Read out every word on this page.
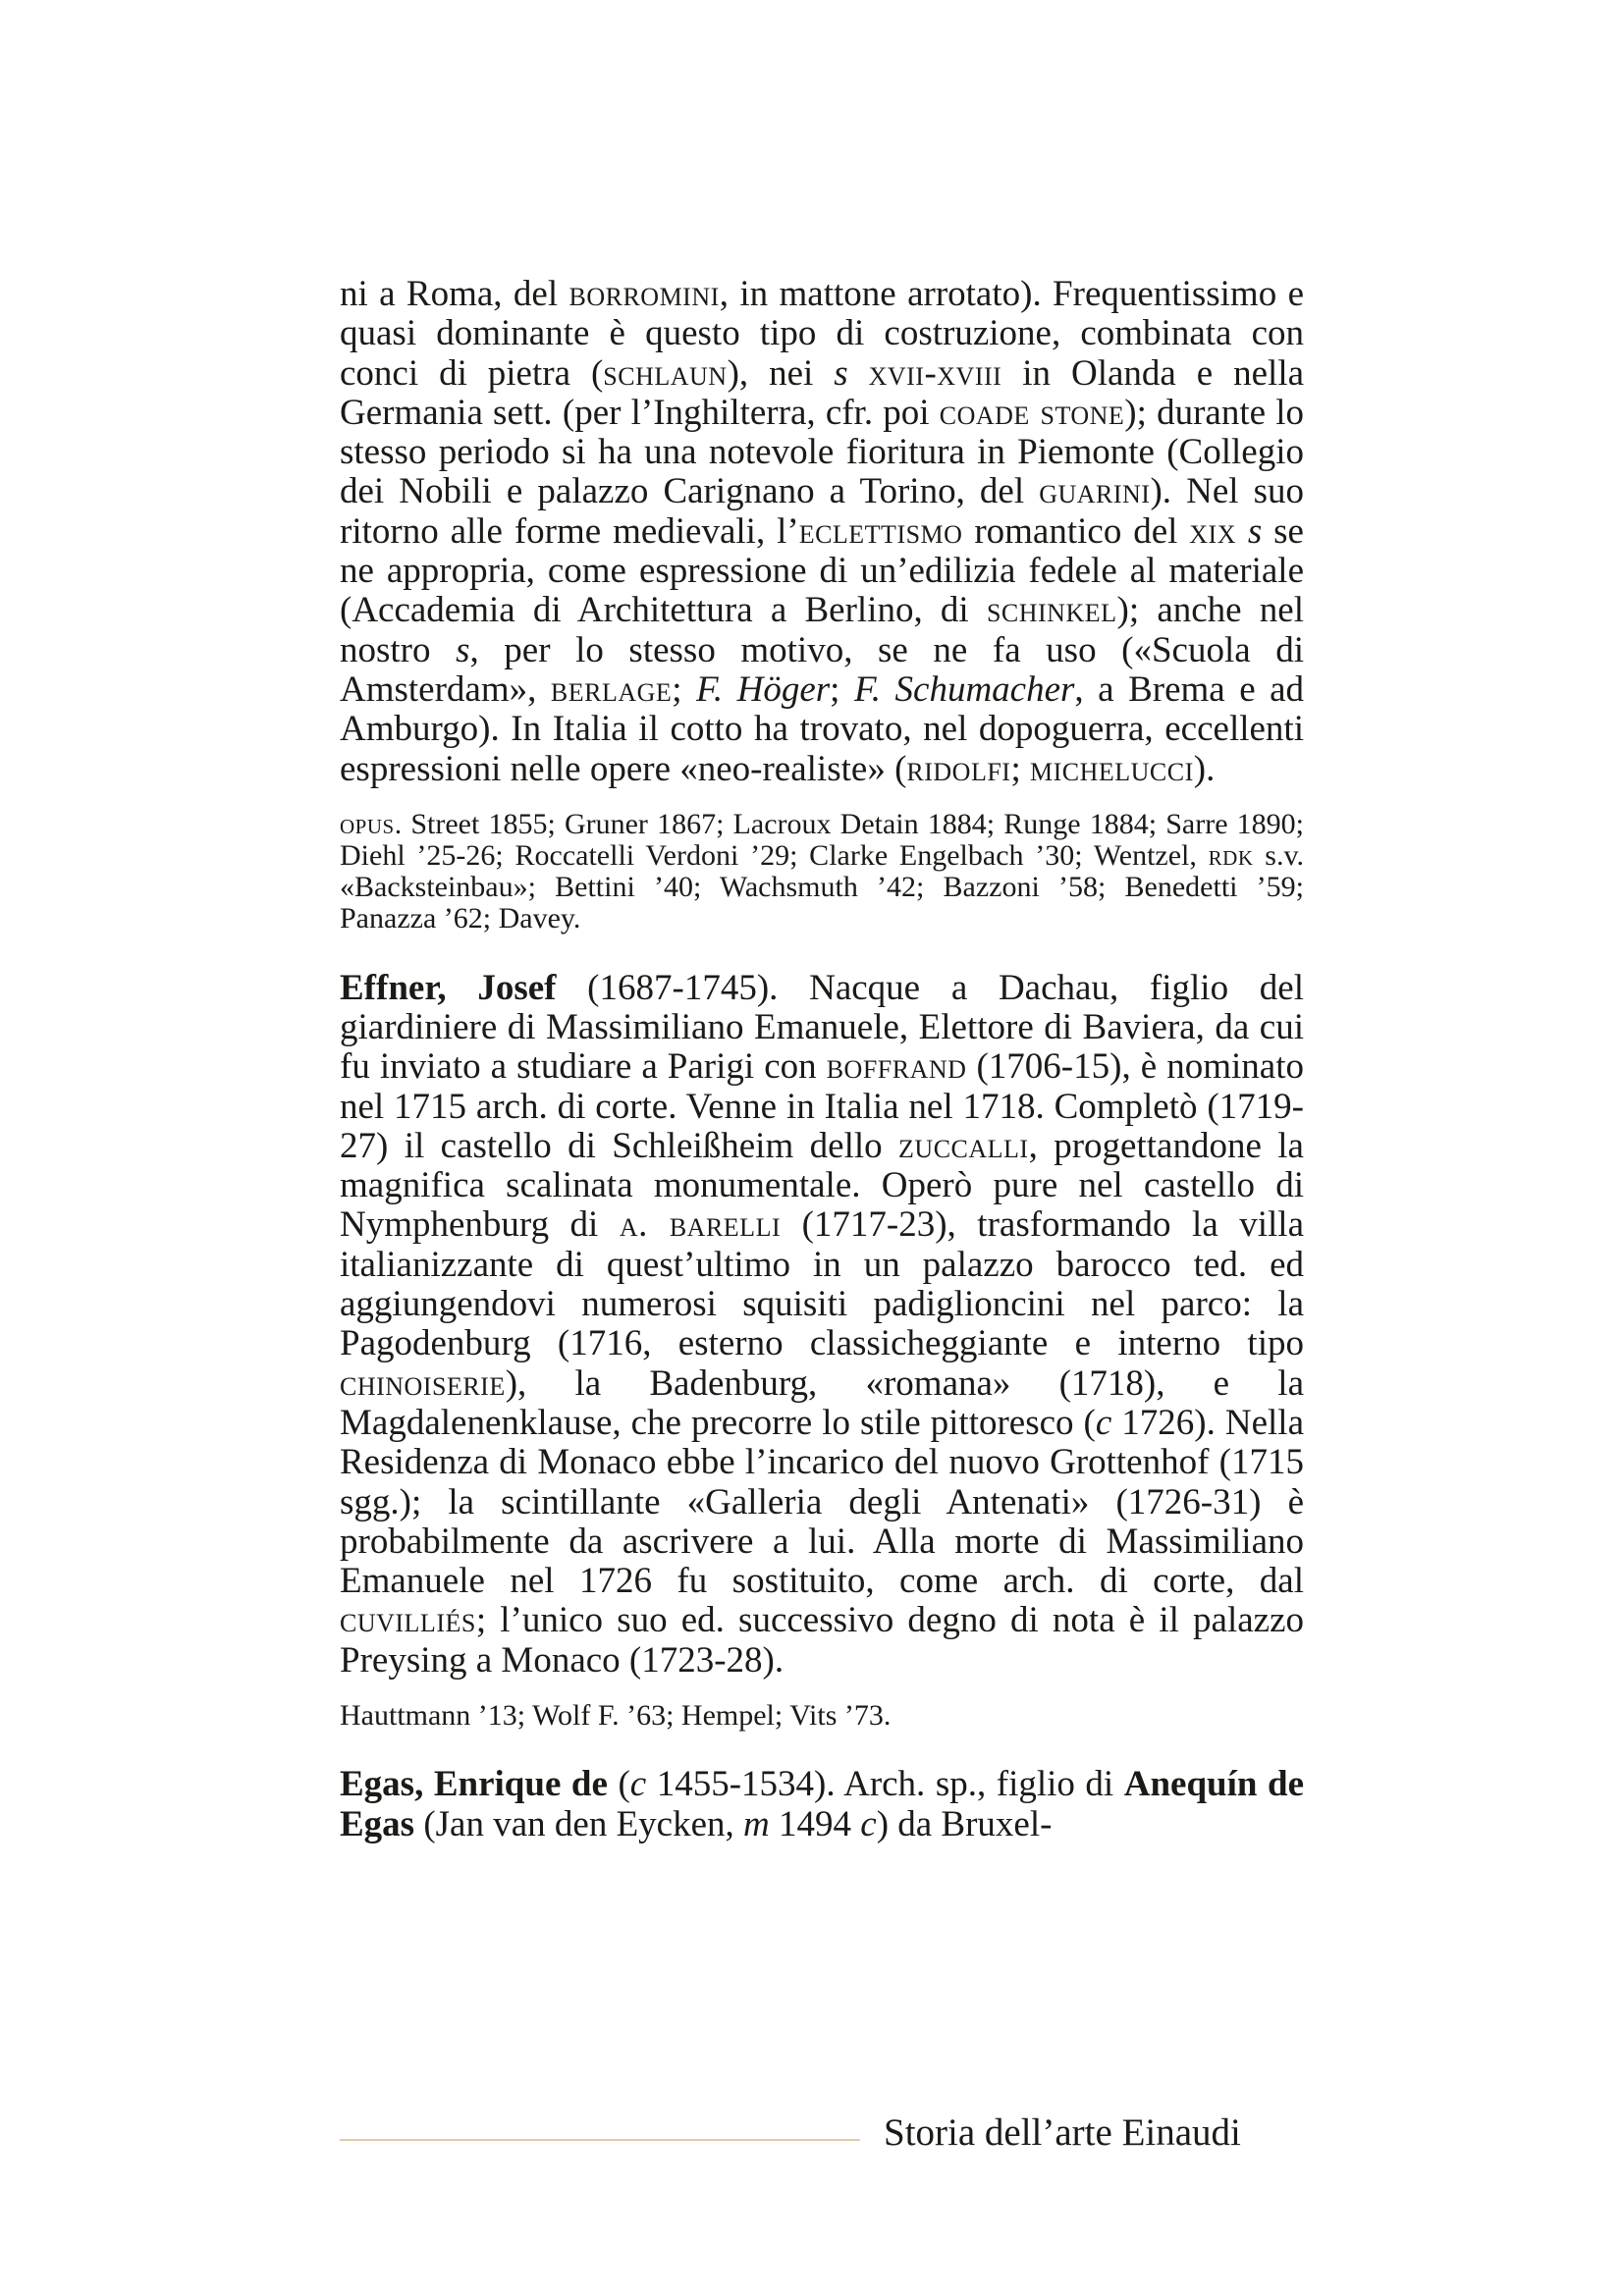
ni a Roma, del borromini, in mattone arrotato). Frequentissimo e quasi dominante è questo tipo di costruzione, combinata con conci di pietra (schlaun), nei s xvii-xviii in Olanda e nella Germania sett. (per l’Inghilterra, cfr. poi coade stone); durante lo stesso periodo si ha una notevole fioritura in Piemonte (Collegio dei Nobili e palazzo Carignano a Torino, del guarini). Nel suo ritorno alle forme medievali, l’eclettismo romantico del xix s se ne appropria, come espressione di un’edilizia fedele al materiale (Accademia di Architettura a Berlino, di schinkel); anche nel nostro s, per lo stesso motivo, se ne fa uso («Scuola di Amsterdam», berlage; F. Höger; F. Schumacher, a Brema e ad Amburgo). In Italia il cotto ha trovato, nel dopoguerra, eccellenti espressioni nelle opere «neo-realiste» (ridolfi; michelucci).

opus. Street 1855; Gruner 1867; Lacroux Detain 1884; Runge 1884; Sarre 1890; Diehl ’25-26; Roccatelli Verdoni ’29; Clarke Engelbach ’30; Wentzel, rdk s.v. «Backsteinbau»; Bettini ’40; Wachsmuth ’42; Bazzoni ’58; Benedetti ’59; Panazza ’62; Davey.

Effner, Josef (1687-1745). Nacque a Dachau, figlio del giardiniere di Massimiliano Emanuele, Elettore di Baviera, da cui fu inviato a studiare a Parigi con boffrand (1706-15), è nominato nel 1715 arch. di corte. Venne in Italia nel 1718. Completò (1719-27) il castello di Schleißheim dello zuccalli, progettandone la magnifica scalinata monumentale. Operò pure nel castello di Nymphenburg di a. barelli (1717-23), trasformando la villa italianizzante di quest’ultimo in un palazzo barocco ted. ed aggiungendovi numerosi squisiti padiglioncini nel parco: la Pagodenburg (1716, esterno classicheggiante e interno tipo chinoiserie), la Badenburg, «romana» (1718), e la Magdalenenklause, che precorre lo stile pittoresco (c 1726). Nella Residenza di Monaco ebbe l’incarico del nuovo Grottenhof (1715 sgg.); la scintillante «Galleria degli Antenati» (1726-31) è probabilmente da ascrivere a lui. Alla morte di Massimiliano Emanuele nel 1726 fu sostituito, come arch. di corte, dal cuvilliés; l’unico suo ed. successivo degno di nota è il palazzo Preysing a Monaco (1723-28).

Hauttmann ’13; Wolf F. ’63; Hempel; Vits ’73.

Egas, Enrique de (c 1455-1534). Arch. sp., figlio di Anequín de Egas (Jan van den Eycken, m 1494 c) da Bruxel-

Storia dell’arte Einaudi
